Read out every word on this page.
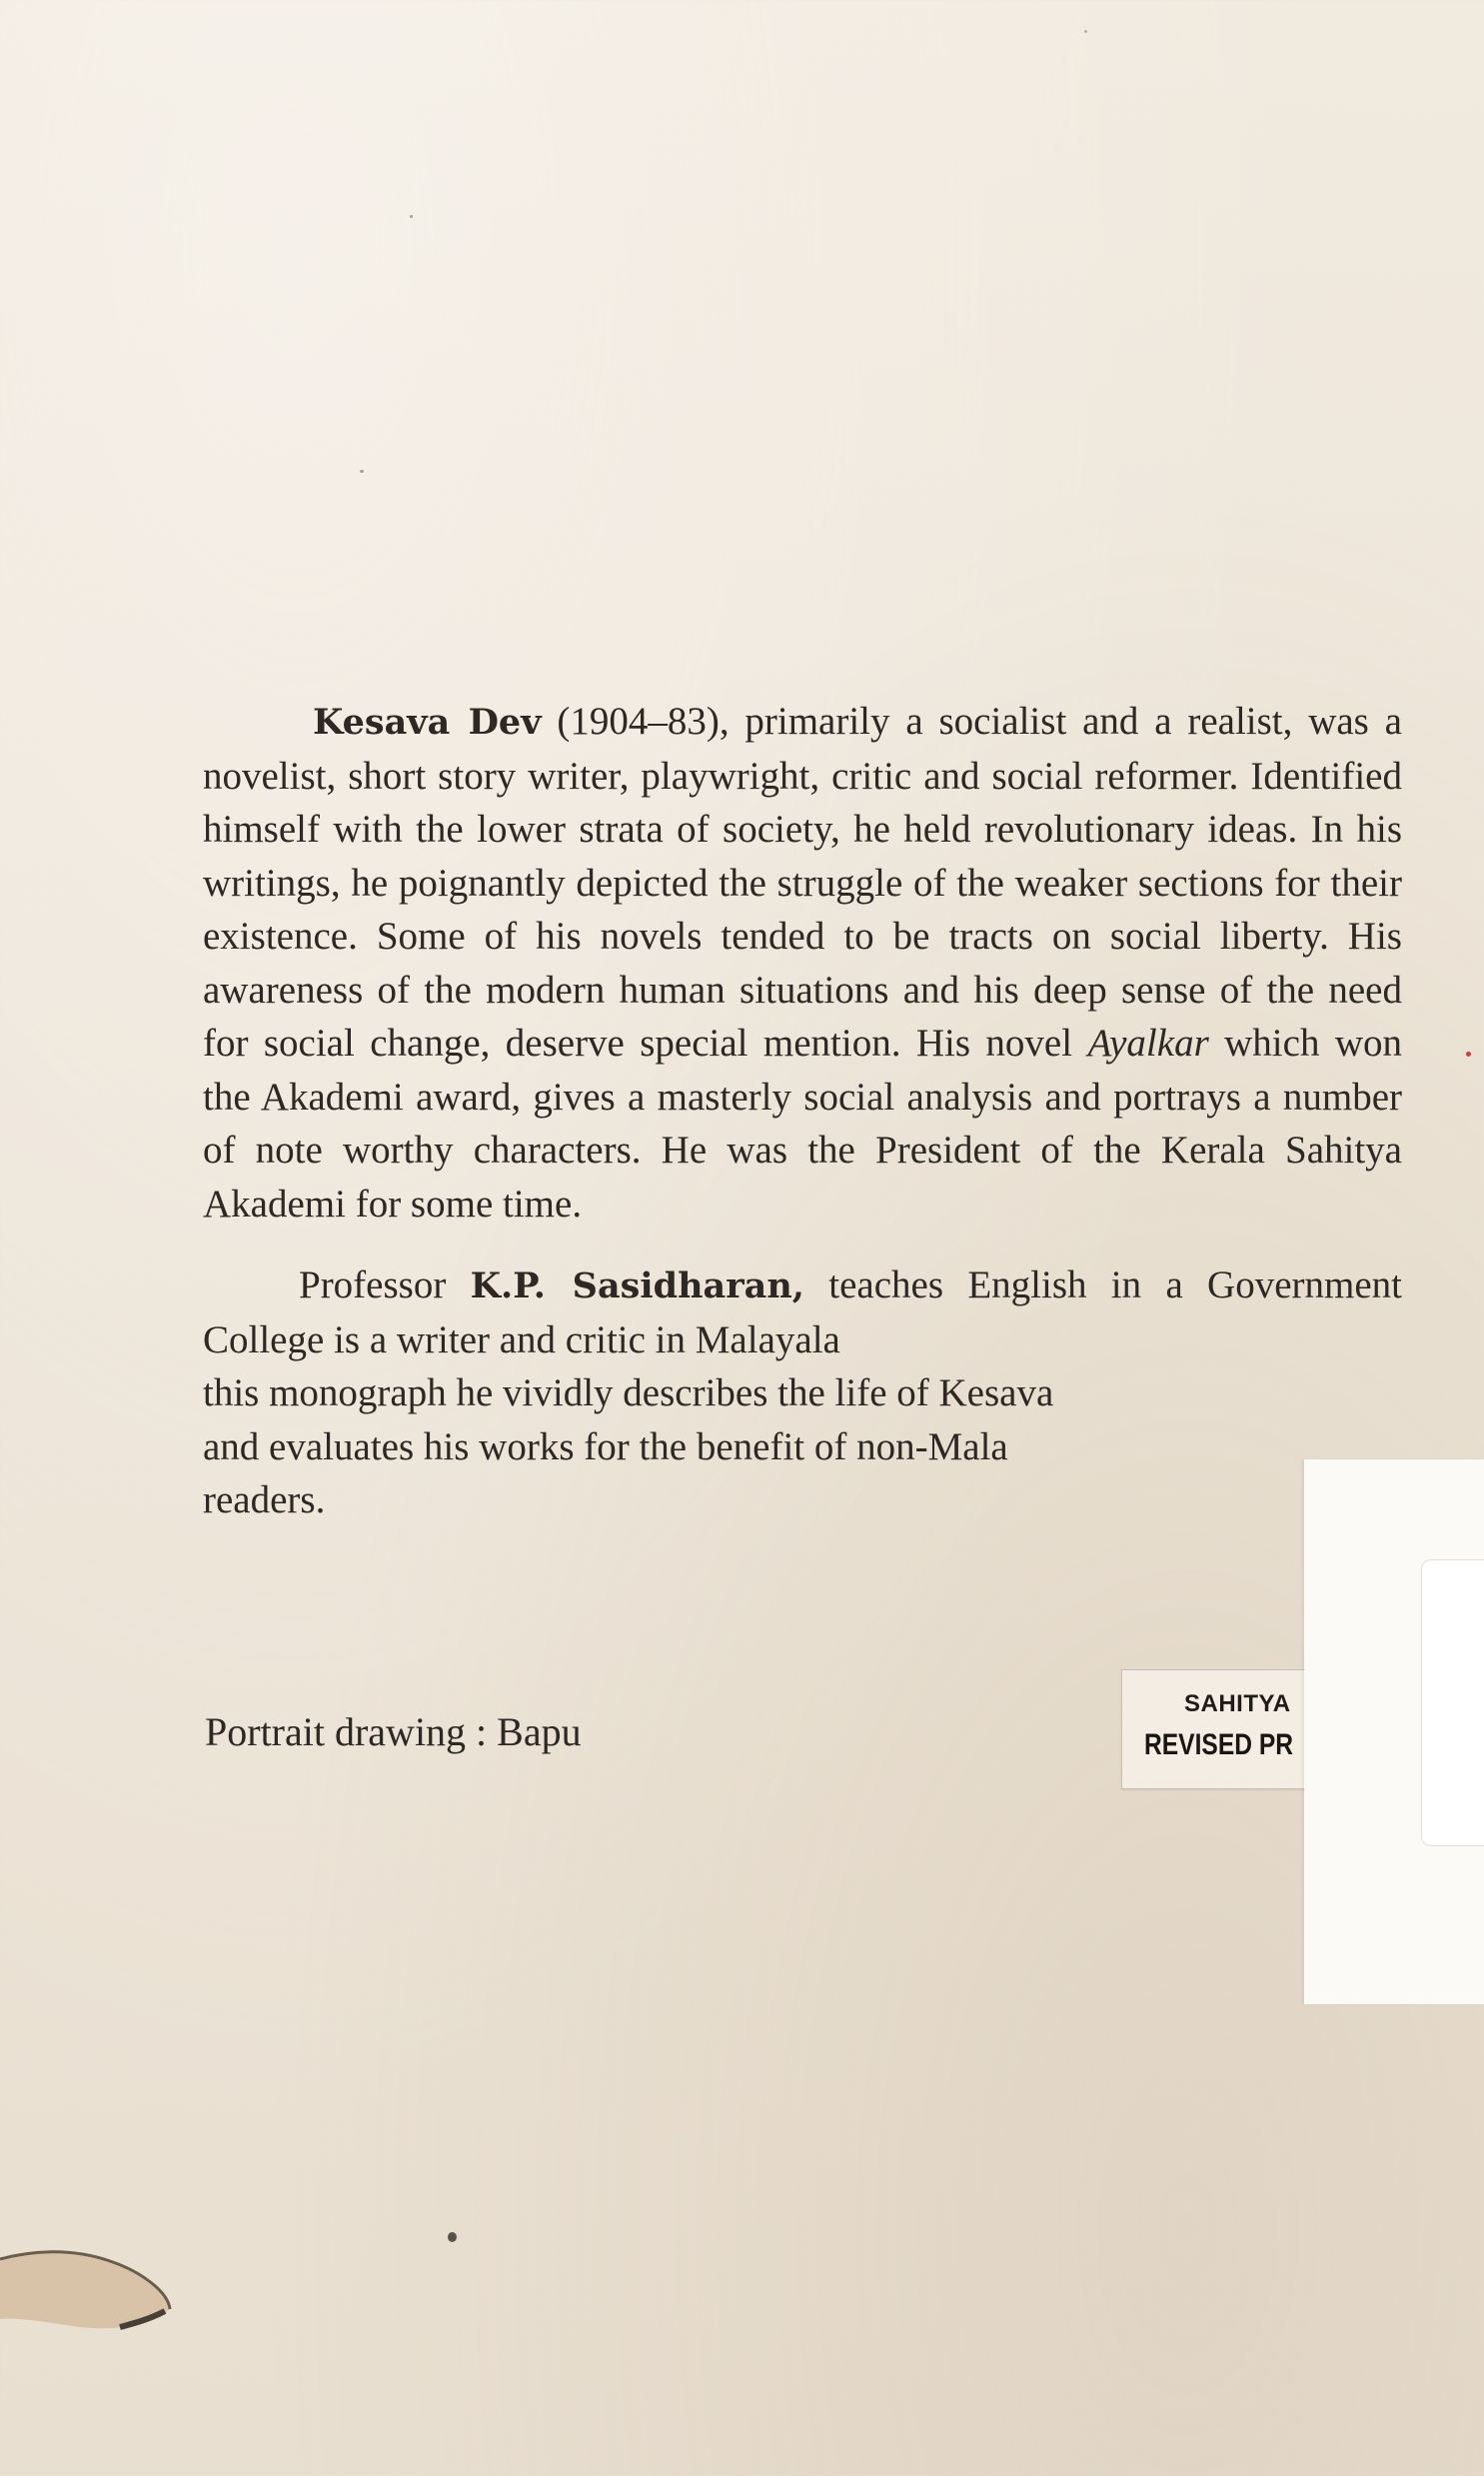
Kesava Dev (1904–83), primarily a socialist and a realist, was a novelist, short story writer, playwright, critic and social reformer. Identified himself with the lower strata of society, he held revolutionary ideas. In his writings, he poignantly depicted the struggle of the weaker sections for their existence. Some of his novels tended to be tracts on social liberty. His awareness of the modern human situations and his deep sense of the need for social change, deserve special mention. His novel Ayalkar which won the Akademi award, gives a masterly social analysis and portrays a number of note worthy characters. He was the President of the Kerala Sahitya Akademi for some time.

Professor K.P. Sasidharan, teaches English in a Government College is a writer and critic in Malayala
this monograph he vividly describes the life of Kesava
and evaluates his works for the benefit of non-Mala
readers.

Portrait drawing : Bapu
SAHITYA
REVISED PR
